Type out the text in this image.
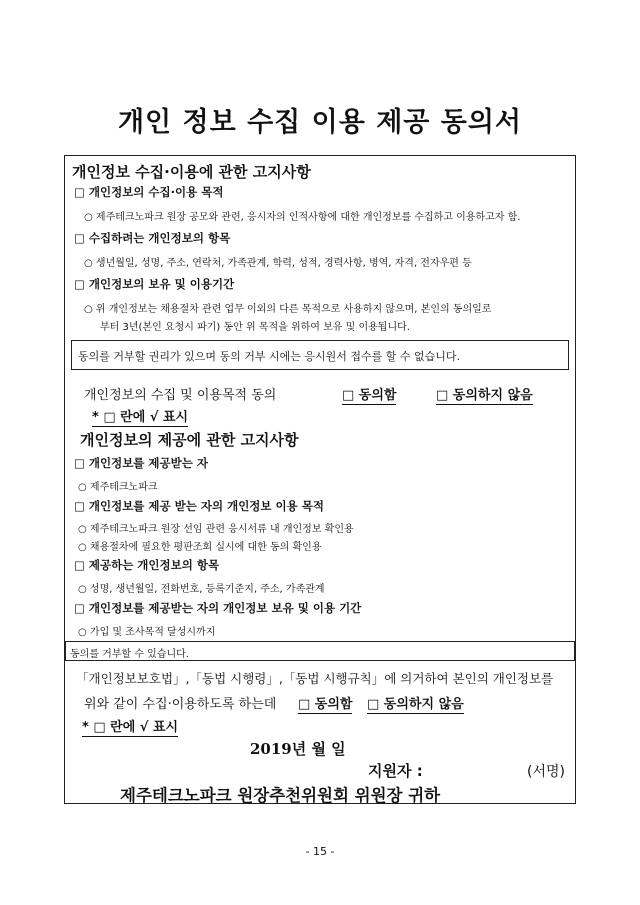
개인 정보 수집 이용 제공 동의서
개인정보 수집·이용에 관한 고지사항
□ 개인정보의 수집·이용 목적
○ 제주테크노파크 원장 공모와 관련, 응시자의 인적사항에 대한 개인정보를 수집하고 이용하고자 함.
□ 수집하려는 개인정보의 항목
○ 생년월일, 성명, 주소, 연락처, 가족관계, 학력, 성적, 경력사항, 병역, 자격, 전자우편 등
□ 개인정보의 보유 및 이용기간
○ 위 개인정보는 채용절차 관련 업무 이외의 다른 목적으로 사용하지 않으며, 본인의 동의일로
부터 3년(본인 요청시 파기) 동안 위 목적을 위하여 보유 및 이용됩니다.
동의를 거부할 권리가 있으며 동의 거부 시에는 응시원서 접수를 할 수 없습니다.
개인정보의 수집 및 이용목적 동의	□ 동의함	□ 동의하지 않음
* □ 란에 √ 표시
개인정보의 제공에 관한 고지사항
□ 개인정보를 제공받는 자
○ 제주테크노파크
□ 개인정보를 제공 받는 자의 개인정보 이용 목적
○ 제주테크노파크 원장 선임 관련 응시서류 내 개인정보 확인용
○ 채용절차에 필요한 평판조회 실시에 대한 동의 확인용
□ 제공하는 개인정보의 항목
○ 성명, 생년월일, 전화번호, 등록기준지, 주소, 가족관계
□ 개인정보를 제공받는 자의 개인정보 보유 및 이용 기간
○ 가입 및 조사목적 달성시까지
동의를 거부할 수 있습니다.
「개인정보보호법」,「동법 시행령」,「동법 시행규칙」에 의거하여 본인의 개인정보를
위와 같이 수집·이용하도록 하는데 □ 동의함 □ 동의하지 않음
* □ 란에 √ 표시
2019년 월 일
지원자 :	(서명)
제주테크노파크 원장추천위원회 위원장 귀하
- 15 -
